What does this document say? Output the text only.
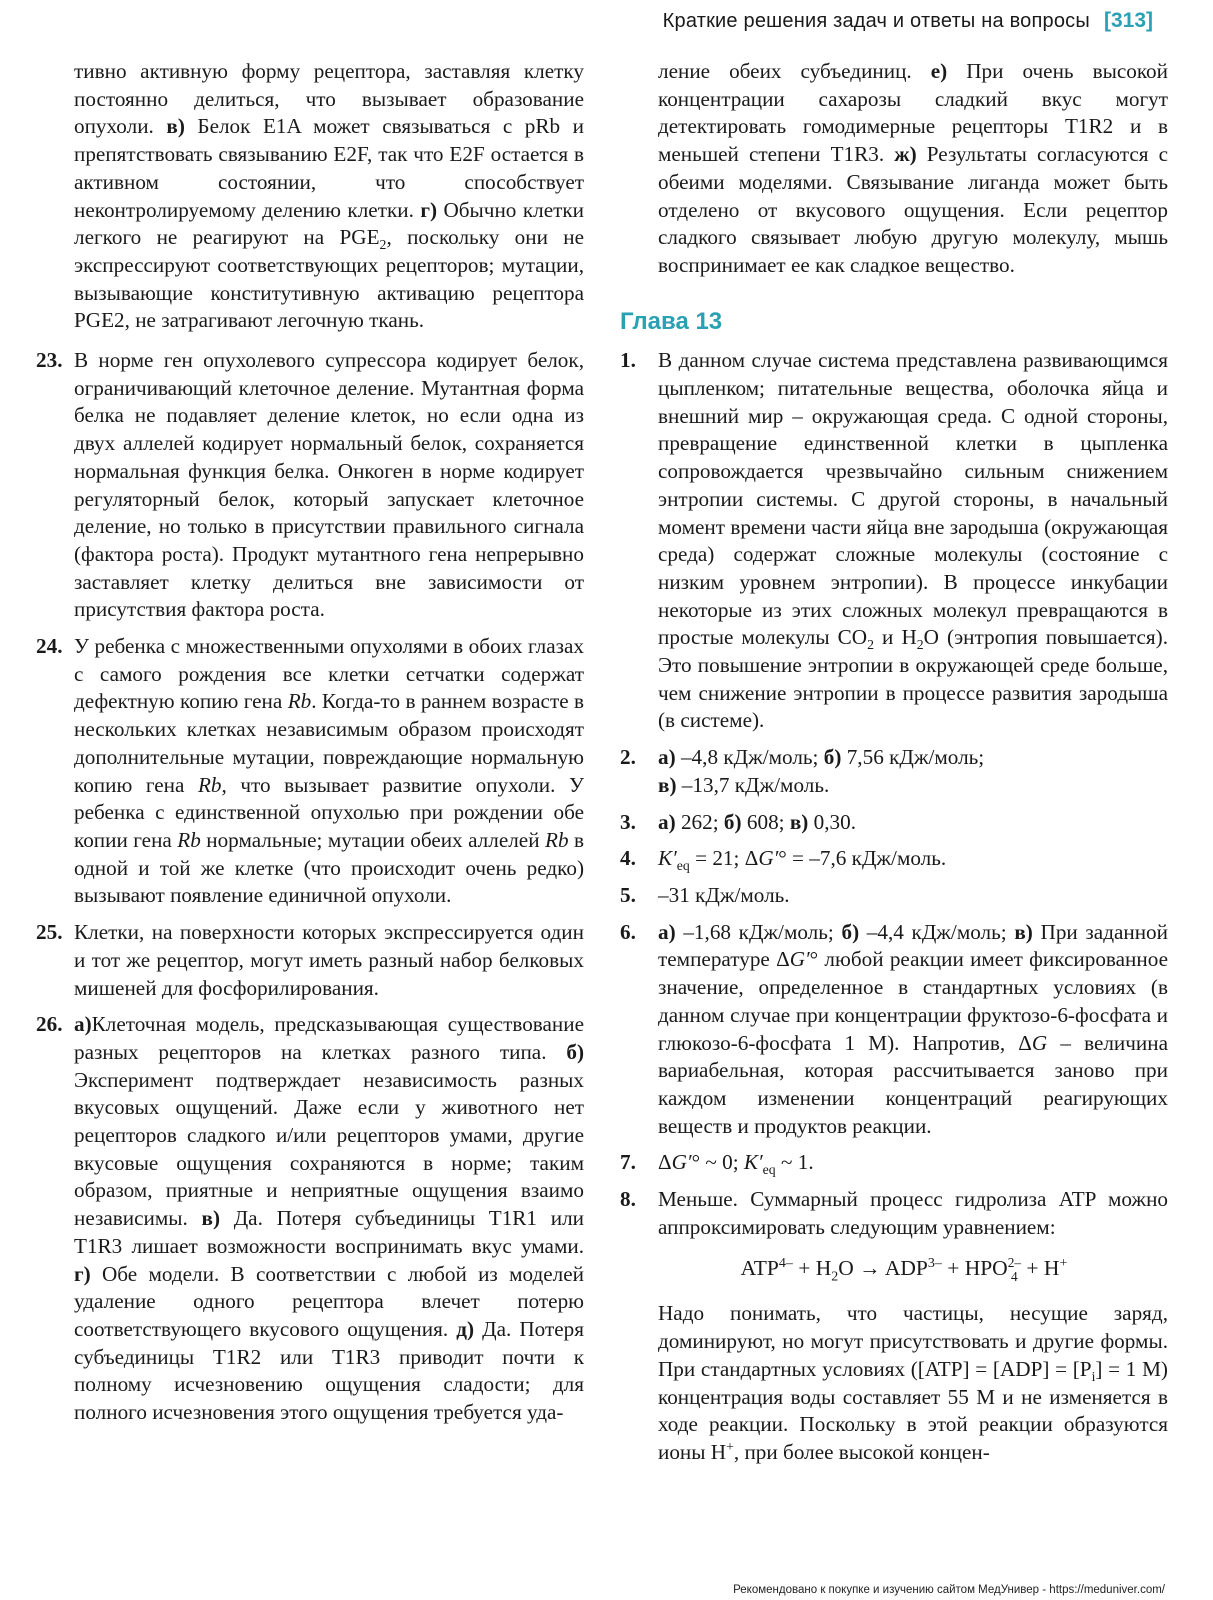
Краткие решения задач и ответы на вопросы [313]

тивно активную форму рецептора, заставляя клетку постоянно делиться, что вызывает образование опухоли. в) Белок E1A может связываться с pRb и препятствовать связыванию E2F, так что E2F остается в активном состоянии, что способствует неконтролируемому делению клетки. г) Обычно клетки легкого не реагируют на $PGE_2$, поскольку они не экспрессируют соответствующих рецепторов; мутации, вызывающие конститутивную активацию рецептора PGE2, не затрагивают легочную ткань.

23. В норме ген опухолевого супрессора кодирует белок, ограничивающий клеточное деление. Мутантная форма белка не подавляет деление клеток, но если одна из двух аллелей кодирует нормальный белок, сохраняется нормальная функция белка. Онкоген в норме кодирует регуляторный белок, который запускает клеточное деление, но только в присутствии правильного сигнала (фактора роста). Продукт мутантного гена непрерывно заставляет клетку делиться вне зависимости от присутствия фактора роста.
24. У ребенка с множественными опухолями в обоих глазах с самого рождения все клетки сетчатки содержат дефектную копию гена Rb. Когда-то в раннем возрасте в нескольких клетках независимым образом происходят дополнительные мутации, повреждающие нормальную копию гена Rb, что вызывает развитие опухоли. У ребенка с единственной опухолью при рождении обе копии гена Rb нормальные; мутации обеих аллелей Rb в одной и той же клетке (что происходит очень редко) вызывают появление единичной опухоли.
25. Клетки, на поверхности которых экспрессируется один и тот же рецептор, могут иметь разный набор белковых мишеней для фосфорилирования.
26. а)Клеточная модель, предсказывающая существование разных рецепторов на клетках разного типа. б) Эксперимент подтверждает независимость разных вкусовых ощущений. Даже если у животного нет рецепторов сладкого и/или рецепторов умами, другие вкусовые ощущения сохраняются в норме; таким образом, приятные и неприятные ощущения взаимо независимы. в) Да. Потеря субъединицы T1R1 или T1R3 лишает возможности воспринимать вкус умами. г) Обе модели. В соответствии с любой из моделей удаление одного рецептора влечет потерю соответствующего вкусового ощущения. д) Да. Потеря субъединицы T1R2 или T1R3 приводит почти к полному исчезновению ощущения сладости; для полного исчезновения этого ощущения требуется уда-

ление обеих субъединиц. е) При очень высокой концентрации сахарозы сладкий вкус могут детектировать гомодимерные рецепторы T1R2 и в меньшей степени T1R3. ж) Результаты согласуются с обеими моделями. Связывание лиганда может быть отделено от вкусового ощущения. Если рецептор сладкого связывает любую другую молекулу, мышь воспринимает ее как сладкое вещество.

Глава 13
1. В данном случае система представлена развивающимся цыпленком; питательные вещества, оболочка яйца и внешний мир – окружающая среда. С одной стороны, превращение единственной клетки в цыпленка сопровождается чрезвычайно сильным снижением энтропии системы. С другой стороны, в начальный момент времени части яйца вне зародыша (окружающая среда) содержат сложные молекулы (состояние с низким уровнем энтропии). В процессе инкубации некоторые из этих сложных молекул превращаются в простые молекулы $CO_2$ и $H_2O$ (энтропия повышается). Это повышение энтропии в окружающей среде больше, чем снижение энтропии в процессе развития зародыша (в системе).
2. а) –4,8 кДж/моль; б) 7,56 кДж/моль;
в) –13,7 кДж/моль.
3. а) 262; б) 608; в) 0,30.
4. $K'_{eq} = 21$; ΔG′° = –7,6 кДж/моль.
5. –31 кДж/моль.
6. а) –1,68 кДж/моль; б) –4,4 кДж/моль; в) При заданной температуре ΔG′° любой реакции имеет фиксированное значение, определенное в стандартных условиях (в данном случае при концентрации фруктозо-6-фосфата и глюкозо-6-фосфата 1 М). Напротив, ΔG – величина вариабельная, которая рассчитывается заново при каждом изменении концентраций реагирующих веществ и продуктов реакции.
7. ΔG′° ~ 0; $K'_{eq}$ ~ 1.
8. Меньше. Суммарный процесс гидролиза ATP можно аппроксимировать следующим уравнением:
$ATP^{4-} + H_2O \to ADP^{3-}$ + HPO 2–
4 + H+

Надо понимать, что частицы, несущие заряд, доминируют, но могут присутствовать и другие формы. При стандартных условиях ($[ATP] = [ADP] = [P_i] = 1$ M) концентрация воды составляет 55 M и не изменяется в ходе реакции. Поскольку в этой реакции образуются ионы H+, при более высокой концен-

Рекомендовано к покупке и изучению сайтом МедУнивер - https://meduniver.com/
